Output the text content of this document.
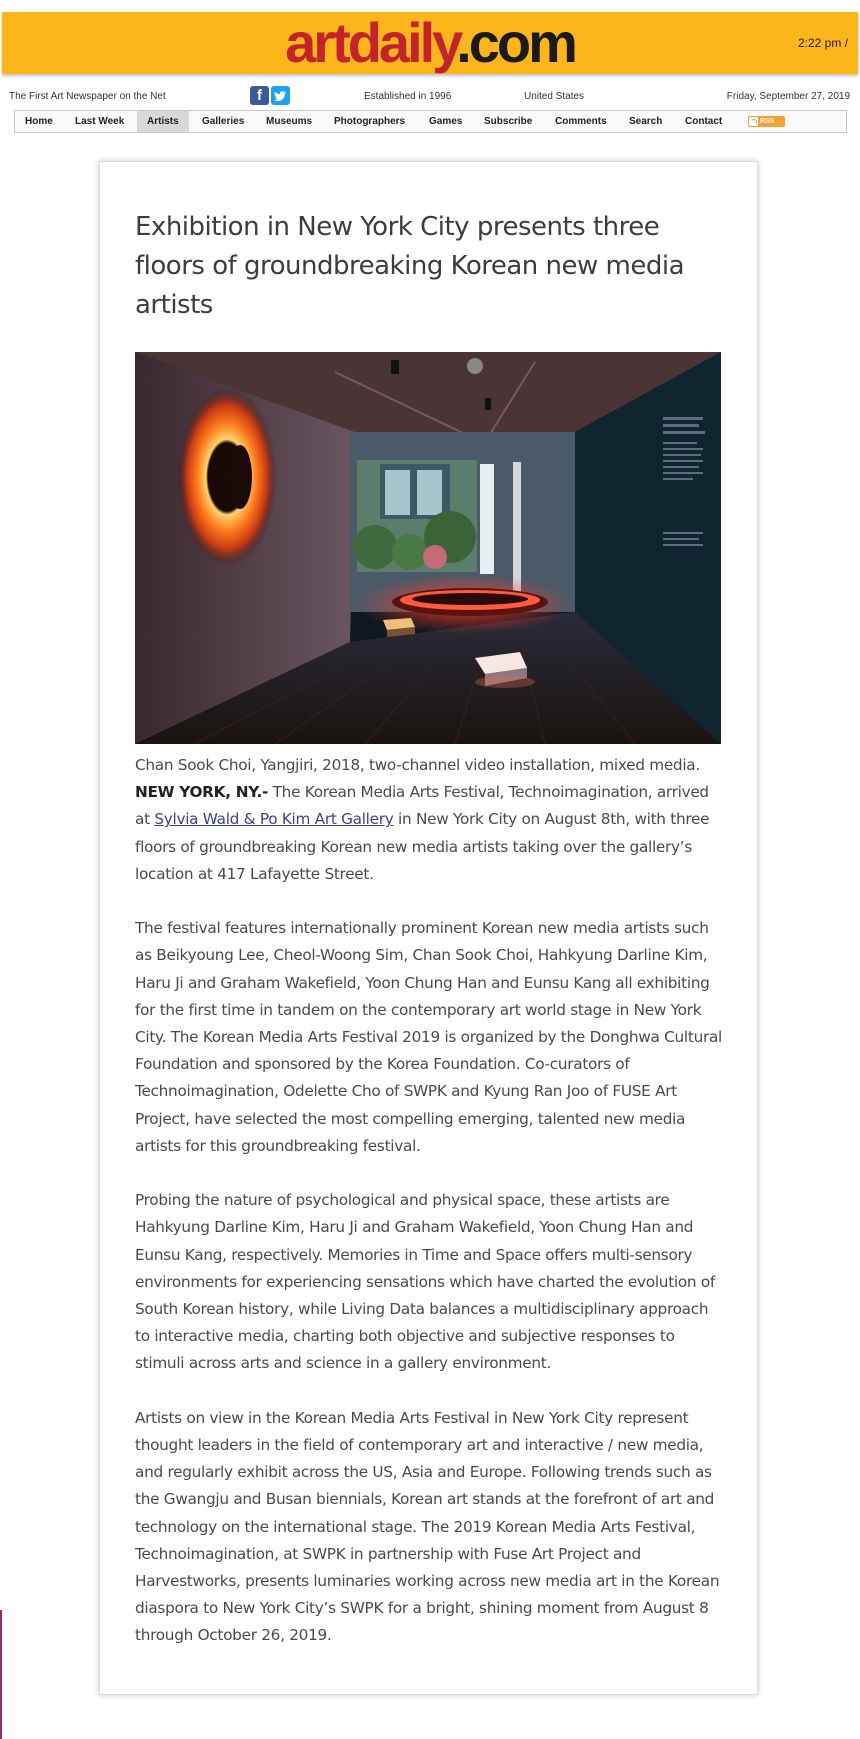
artdaily.com	2:22 pm /
The First Art Newspaper on the Net	Established in 1996	United States	Friday, September 27, 2019
f
Home Last Week	Artists	Galleries Museums Photographers Games Subscribe Comments Search Contact	RSS
Exhibition in New York City presents three floors of groundbreaking Korean new media artists

Chan Sook Choi, Yangjiri, 2018, two-channel video installation, mixed media.
NEW YORK, NY.- The Korean Media Arts Festival, Technoimagination, arrived at Sylvia Wald & Po Kim Art Gallery in New York City on August 8th, with three floors of groundbreaking Korean new media artists taking over the gallery’s location at 417 Lafayette Street.

The festival features internationally prominent Korean new media artists such as Beikyoung Lee, Cheol-Woong Sim, Chan Sook Choi, Hahkyung Darline Kim, Haru Ji and Graham Wakefield, Yoon Chung Han and Eunsu Kang all exhibiting for the first time in tandem on the contemporary art world stage in New York City. The Korean Media Arts Festival 2019 is organized by the Donghwa Cultural Foundation and sponsored by the Korea Foundation. Co-curators of Technoimagination, Odelette Cho of SWPK and Kyung Ran Joo of FUSE Art Project, have selected the most compelling emerging, talented new media artists for this groundbreaking festival.

Probing the nature of psychological and physical space, these artists are Hahkyung Darline Kim, Haru Ji and Graham Wakefield, Yoon Chung Han and Eunsu Kang, respectively. Memories in Time and Space offers multi-sensory environments for experiencing sensations which have charted the evolution of South Korean history, while Living Data balances a multidisciplinary approach to interactive media, charting both objective and subjective responses to stimuli across arts and science in a gallery environment.

Artists on view in the Korean Media Arts Festival in New York City represent thought leaders in the field of contemporary art and interactive / new media, and regularly exhibit across the US, Asia and Europe. Following trends such as the Gwangju and Busan biennials, Korean art stands at the forefront of art and technology on the international stage. The 2019 Korean Media Arts Festival, Technoimagination, at SWPK in partnership with Fuse Art Project and Harvestworks, presents luminaries working across new media art in the Korean diaspora to New York City’s SWPK for a bright, shining moment from August 8 through October 26, 2019.
